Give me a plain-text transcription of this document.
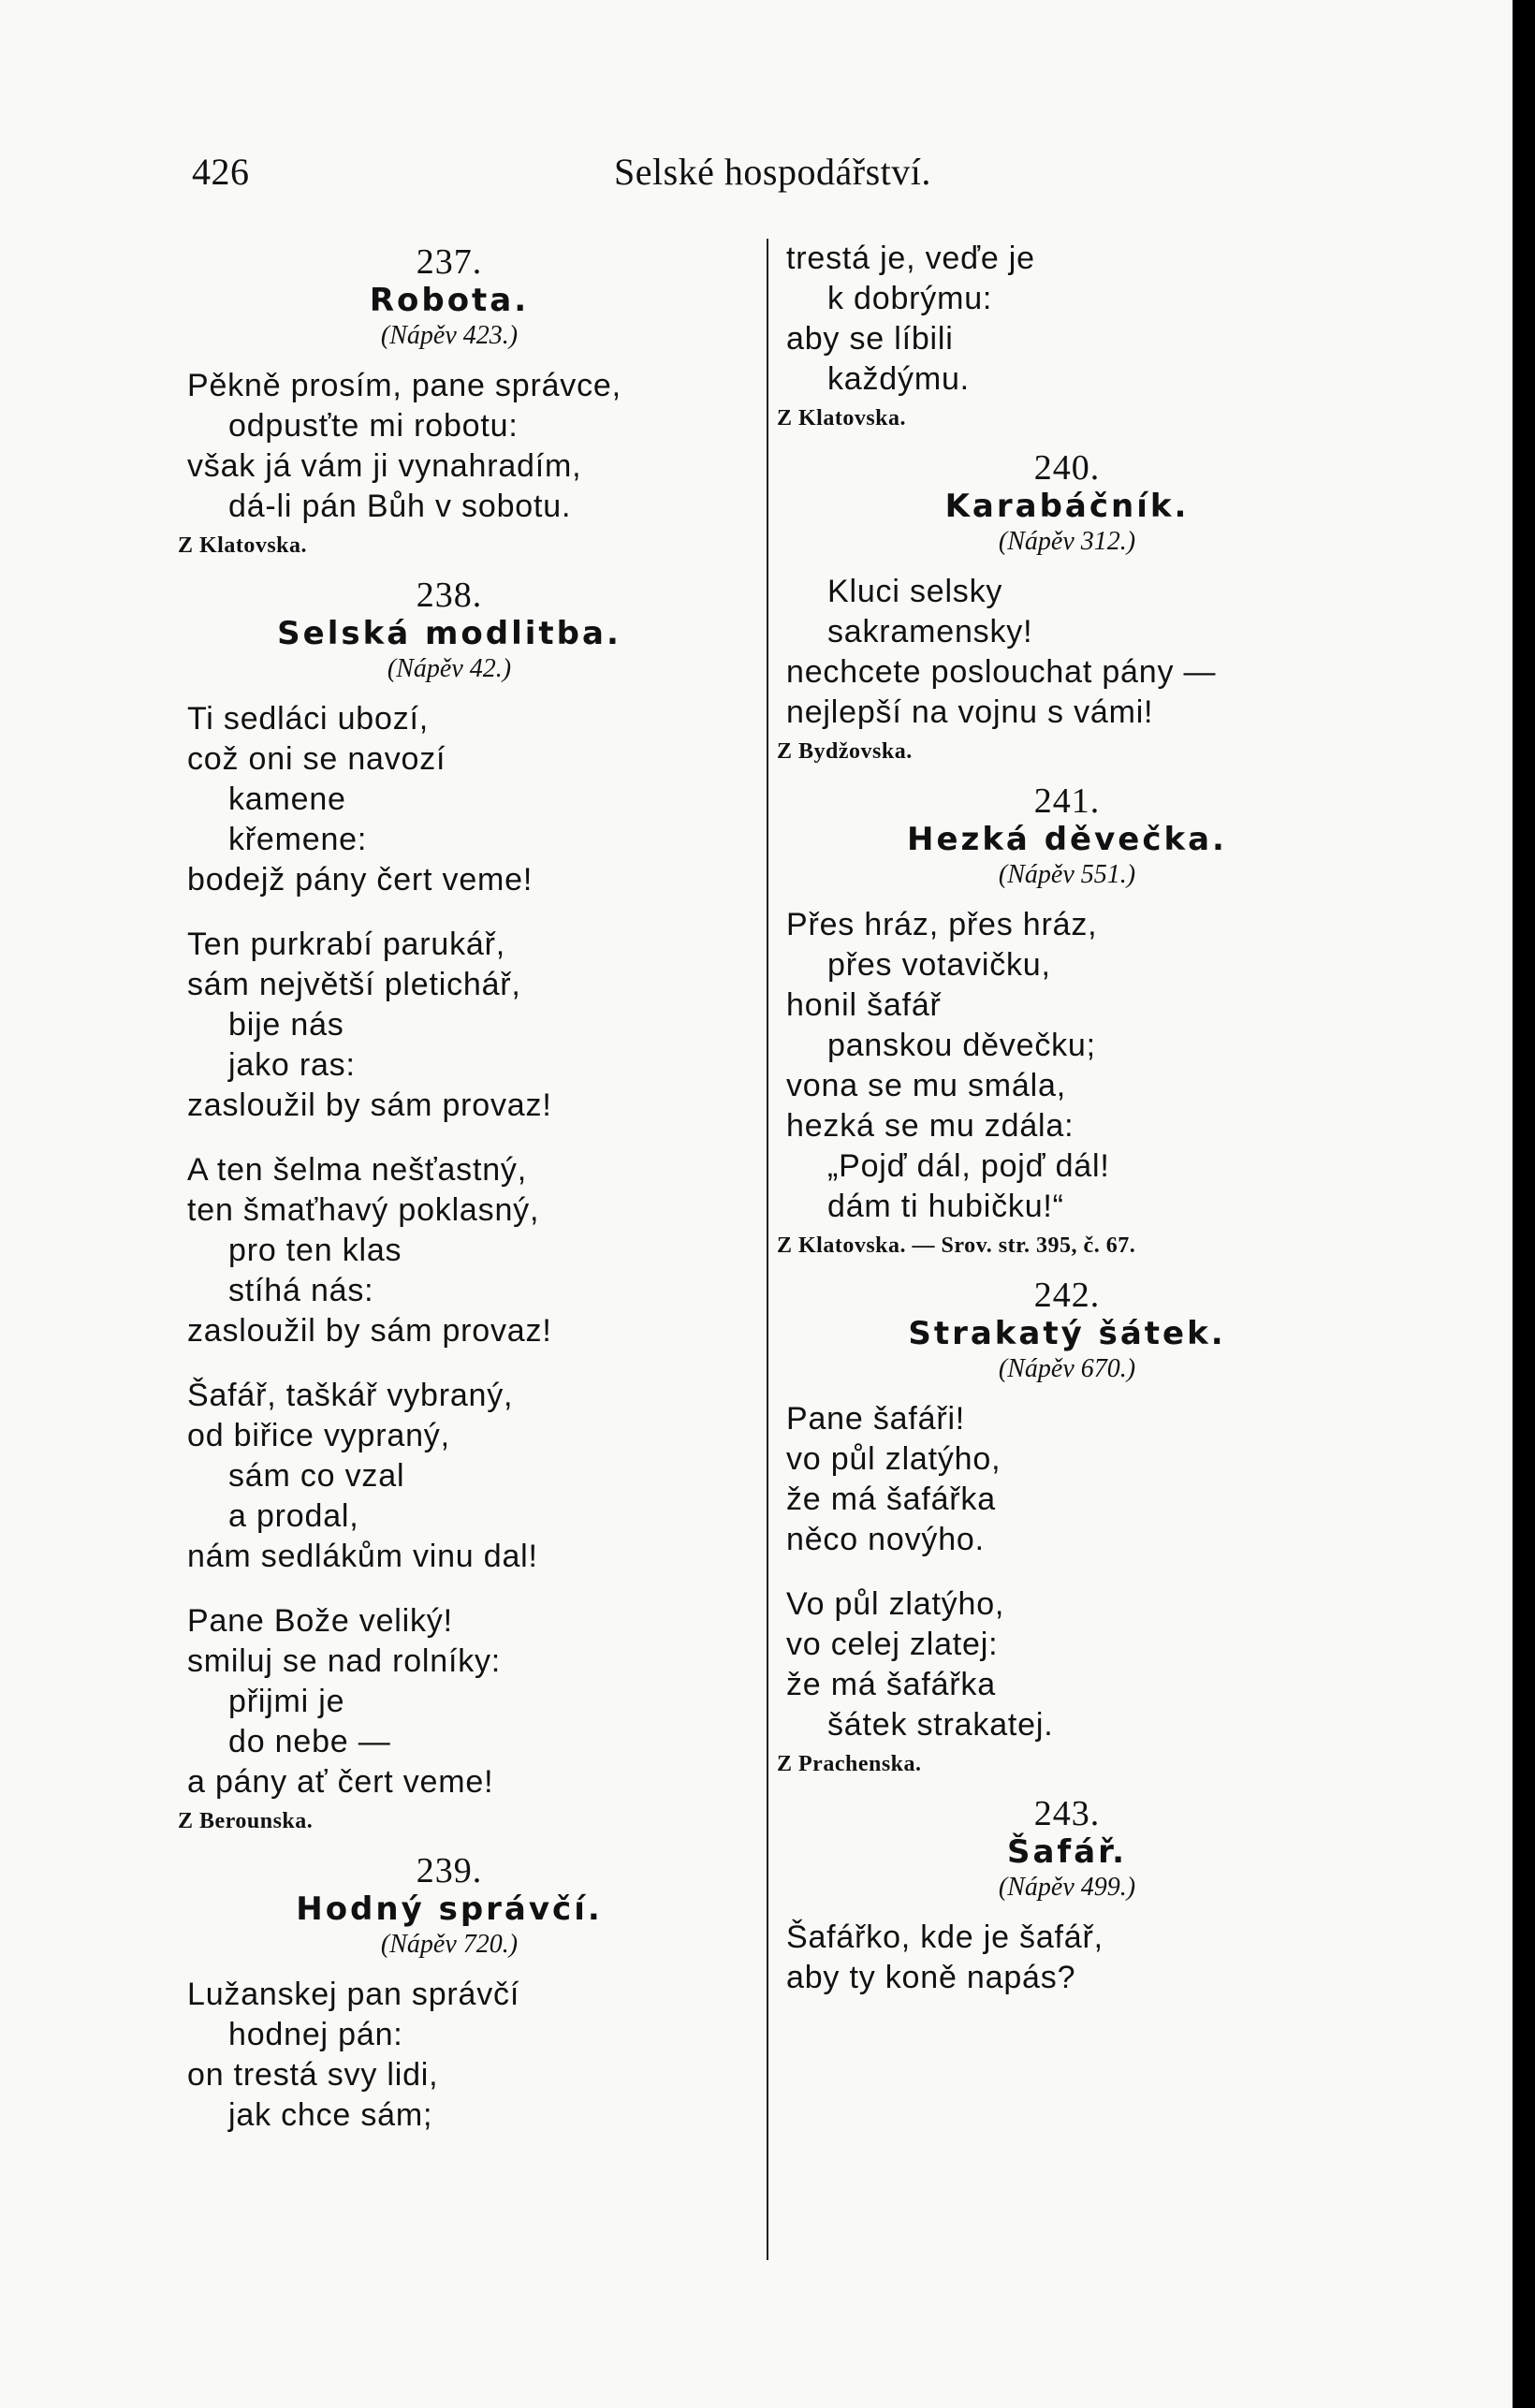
426	Selské hospodářství.
237.
Robota.
(Nápěv 423.)
Pěkně prosím, pane správce,
odpusťte mi robotu:
však já vám ji vynahradím,
dá-li pán Bůh v sobotu.
Z Klatovska.
238.
Selská modlitba.
(Nápěv 42.)
Ti sedláci ubozí,
což oni se navozí
kamene
křemene:
bodejž pány čert veme!
Ten purkrabí parukář,
sám největší pletichář,
bije nás
jako ras:
zasloužil by sám provaz!
A ten šelma nešťastný,
ten šmaťhavý poklasný,
pro ten klas
stíhá nás:
zasloužil by sám provaz!
Šafář, taškář vybraný,
od biřice vypraný,
sám co vzal
a prodal,
nám sedlákům vinu dal!
Pane Bože veliký!
smiluj se nad rolníky:
přijmi je
do nebe —
a pány ať čert veme!
Z Berounska.
239.
Hodný správčí.
(Nápěv 720.)
Lužanskej pan správčí
hodnej pán:
on trestá svy lidi,
jak chce sám;
trestá je, veďe je
k dobrýmu:
aby se líbili
každýmu.
Z Klatovska.
240.
Karabáčník.
(Nápěv 312.)
Kluci selsky
sakramensky!
nechcete poslouchat pány —
nejlepší na vojnu s vámi!
Z Bydžovska.
241.
Hezká děvečka.
(Nápěv 551.)
Přes hráz, přes hráz,
přes votavičku,
honil šafář
panskou děvečku;
vona se mu smála,
hezká se mu zdála:
„Pojď dál, pojď dál!
dám ti hubičku!“
Z Klatovska. — Srov. str. 395, č. 67.
242.
Strakatý šátek.
(Nápěv 670.)
Pane šafáři!
vo půl zlatýho,
že má šafářka
něco novýho.
Vo půl zlatýho,
vo celej zlatej:
že má šafářka
šátek strakatej.
Z Prachenska.
243.
Šafář.
(Nápěv 499.)
Šafářko, kde je šafář,
aby ty koně napás?
